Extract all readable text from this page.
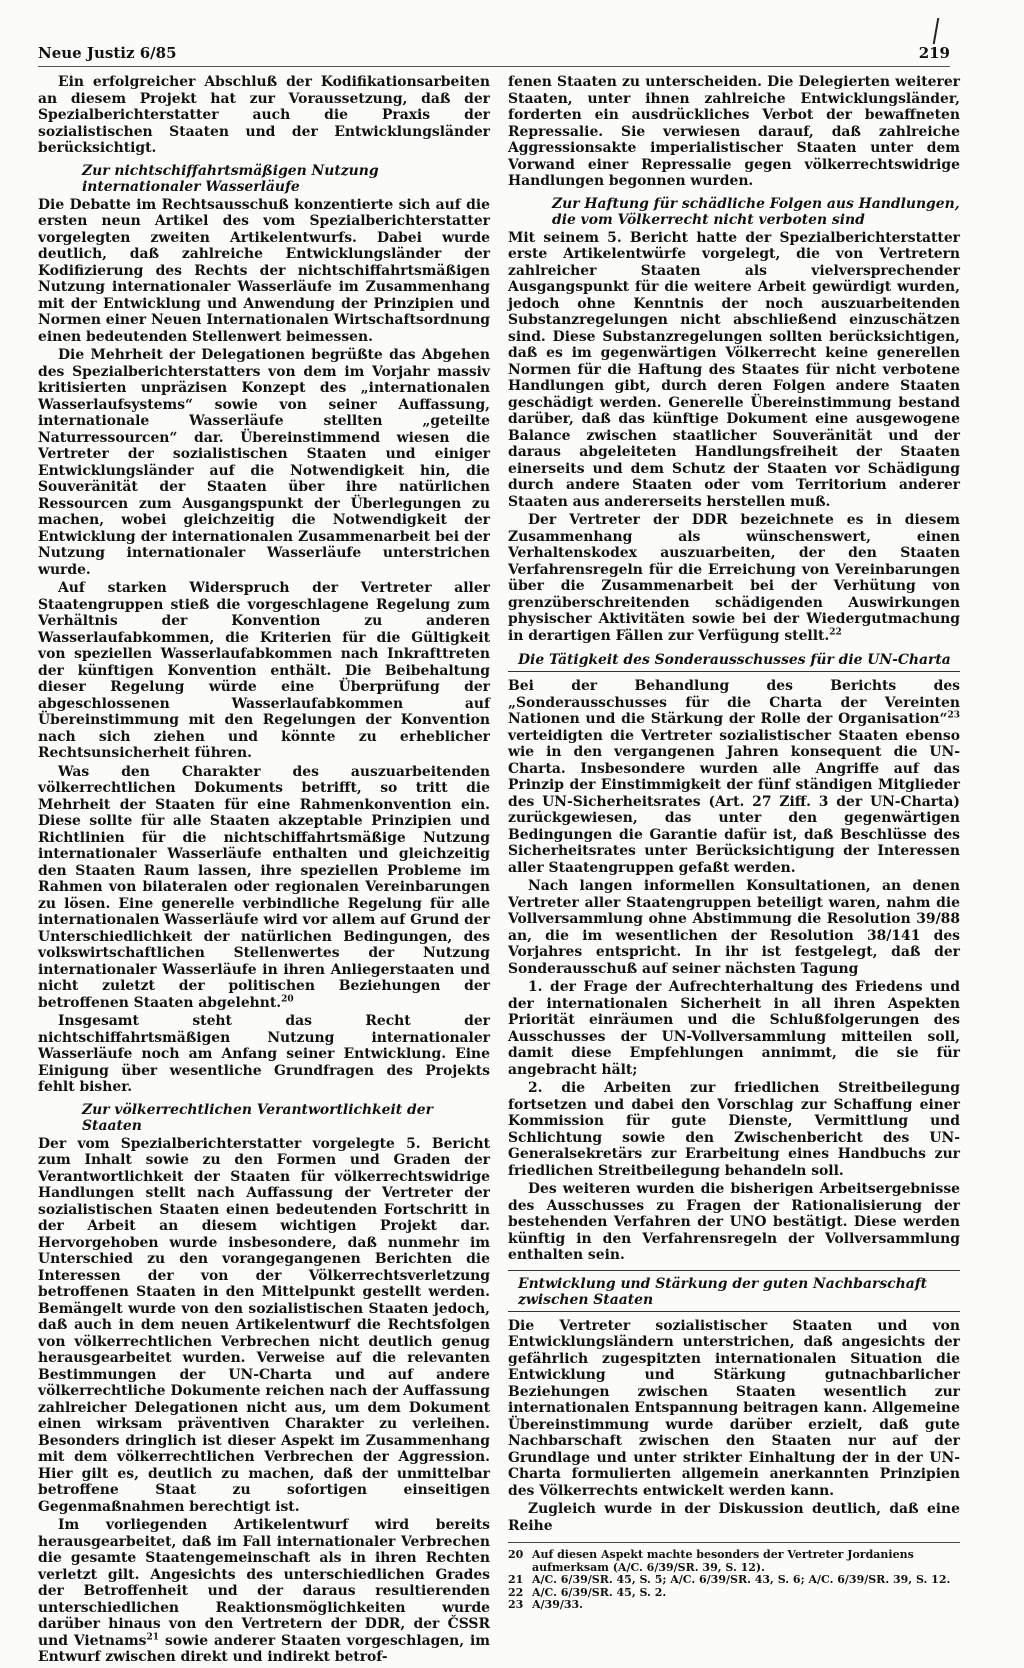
Neue Justiz 6/85	219

Ein erfolgreicher Abschluß der Kodifikationsarbeiten an diesem Projekt hat zur Voraussetzung, daß der Spezialberichterstatter auch die Praxis der sozialistischen Staaten und der Entwicklungsländer berücksichtigt.

Zur nichtschiffahrtsmäßigen Nutzung internationaler Wasserläufe

Die Debatte im Rechtsausschuß konzentierte sich auf die ersten neun Artikel des vom Spezialberichterstatter vorgelegten zweiten Artikelentwurfs. Dabei wurde deutlich, daß zahlreiche Entwicklungsländer der Kodifizierung des Rechts der nichtschiffahrtsmäßigen Nutzung internationaler Wasserläufe im Zusammenhang mit der Entwicklung und Anwendung der Prinzipien und Normen einer Neuen Internationalen Wirtschaftsordnung einen bedeutenden Stellenwert beimessen.

Die Mehrheit der Delegationen begrüßte das Abgehen des Spezialberichterstatters von dem im Vorjahr massiv kritisierten unpräzisen Konzept des „internationalen Wasserlaufsystems“ sowie von seiner Auffassung, internationale Wasserläufe stellten „geteilte Naturressourcen“ dar. Übereinstimmend wiesen die Vertreter der sozialistischen Staaten und einiger Entwicklungsländer auf die Notwendigkeit hin, die Souveränität der Staaten über ihre natürlichen Ressourcen zum Ausgangspunkt der Überlegungen zu machen, wobei gleichzeitig die Notwendigkeit der Entwicklung der internationalen Zusammenarbeit bei der Nutzung internationaler Wasserläufe unterstrichen wurde.

Auf starken Widerspruch der Vertreter aller Staatengruppen stieß die vorgeschlagene Regelung zum Verhältnis der Konvention zu anderen Wasserlaufabkommen, die Kriterien für die Gültigkeit von speziellen Wasserlaufabkommen nach Inkrafttreten der künftigen Konvention enthält. Die Beibehaltung dieser Regelung würde eine Überprüfung der abgeschlossenen Wasserlaufabkommen auf Übereinstimmung mit den Regelungen der Konvention nach sich ziehen und könnte zu erheblicher Rechtsunsicherheit führen.

Was den Charakter des auszuarbeitenden völkerrechtlichen Dokuments betrifft, so tritt die Mehrheit der Staaten für eine Rahmenkonvention ein. Diese sollte für alle Staaten akzeptable Prinzipien und Richtlinien für die nichtschiffahrtsmäßige Nutzung internationaler Wasserläufe enthalten und gleichzeitig den Staaten Raum lassen, ihre speziellen Probleme im Rahmen von bilateralen oder regionalen Vereinbarungen zu lösen. Eine generelle verbindliche Regelung für alle internationalen Wasserläufe wird vor allem auf Grund der Unterschiedlichkeit der natürlichen Bedingungen, des volkswirtschaftlichen Stellenwertes der Nutzung internationaler Wasserläufe in ihren Anliegerstaaten und nicht zuletzt der politischen Beziehungen der betroffenen Staaten abgelehnt.$^{20}$

Insgesamt steht das Recht der nichtschiffahrtsmäßigen Nutzung internationaler Wasserläufe noch am Anfang seiner Entwicklung. Eine Einigung über wesentliche Grundfragen des Projekts fehlt bisher.

Zur völkerrechtlichen Verantwortlichkeit der Staaten

Der vom Spezialberichterstatter vorgelegte 5. Bericht zum Inhalt sowie zu den Formen und Graden der Verantwortlichkeit der Staaten für völkerrechtswidrige Handlungen stellt nach Auffassung der Vertreter der sozialistischen Staaten einen bedeutenden Fortschritt in der Arbeit an diesem wichtigen Projekt dar. Hervorgehoben wurde insbesondere, daß nunmehr im Unterschied zu den vorangegangenen Berichten die Interessen der von der Völkerrechtsverletzung betroffenen Staaten in den Mittelpunkt gestellt werden. Bemängelt wurde von den sozialistischen Staaten jedoch, daß auch in dem neuen Artikelentwurf die Rechtsfolgen von völkerrechtlichen Verbrechen nicht deutlich genug herausgearbeitet wurden. Verweise auf die relevanten Bestimmungen der UN-Charta und auf andere völkerrechtliche Dokumente reichen nach der Auffassung zahlreicher Delegationen nicht aus, um dem Dokument einen wirksam präventiven Charakter zu verleihen. Besonders dringlich ist dieser Aspekt im Zusammenhang mit dem völkerrechtlichen Verbrechen der Aggression. Hier gilt es, deutlich zu machen, daß der unmittelbar betroffene Staat zu sofortigen einseitigen Gegenmaßnahmen berechtigt ist.

Im vorliegenden Artikelentwurf wird bereits herausgearbeitet, daß im Fall internationaler Verbrechen die gesamte Staatengemeinschaft als in ihren Rechten verletzt gilt. Angesichts des unterschiedlichen Grades der Betroffenheit und der daraus resultierenden unterschiedlichen Reaktionsmöglichkeiten wurde darüber hinaus von den Vertretern der DDR, der ČSSR und Vietnams$^{21}$ sowie anderer Staaten vorgeschlagen, im Entwurf zwischen direkt und indirekt betrof-

fenen Staaten zu unterscheiden. Die Delegierten weiterer Staaten, unter ihnen zahlreiche Entwicklungsländer, forderten ein ausdrückliches Verbot der bewaffneten Repressalie. Sie verwiesen darauf, daß zahlreiche Aggressionsakte imperialistischer Staaten unter dem Vorwand einer Repressalie gegen völkerrechtswidrige Handlungen begonnen wurden.

Zur Haftung für schädliche Folgen aus Handlungen, die vom Völkerrecht nicht verboten sind

Mit seinem 5. Bericht hatte der Spezialberichterstatter erste Artikelentwürfe vorgelegt, die von Vertretern zahlreicher Staaten als vielversprechender Ausgangspunkt für die weitere Arbeit gewürdigt wurden, jedoch ohne Kenntnis der noch auszuarbeitenden Substanzregelungen nicht abschließend einzuschätzen sind. Diese Substanzregelungen sollten berücksichtigen, daß es im gegenwärtigen Völkerrecht keine generellen Normen für die Haftung des Staates für nicht verbotene Handlungen gibt, durch deren Folgen andere Staaten geschädigt werden. Generelle Übereinstimmung bestand darüber, daß das künftige Dokument eine ausgewogene Balance zwischen staatlicher Souveränität und der daraus abgeleiteten Handlungsfreiheit der Staaten einerseits und dem Schutz der Staaten vor Schädigung durch andere Staaten oder vom Territorium anderer Staaten aus andererseits herstellen muß.

Der Vertreter der DDR bezeichnete es in diesem Zusammenhang als wünschenswert, einen Verhaltenskodex auszuarbeiten, der den Staaten Verfahrensregeln für die Erreichung von Vereinbarungen über die Zusammenarbeit bei der Verhütung von grenzüberschreitenden schädigenden Auswirkungen physischer Aktivitäten sowie bei der Wiedergutmachung in derartigen Fällen zur Verfügung stellt.$^{22}$

Die Tätigkeit des Sonderausschusses für die UN-Charta

Bei der Behandlung des Berichts des „Sonderausschusses für die Charta der Vereinten Nationen und die Stärkung der Rolle der Organisation“$^{23}$ verteidigten die Vertreter sozialistischer Staaten ebenso wie in den vergangenen Jahren konsequent die UN-Charta. Insbesondere wurden alle Angriffe auf das Prinzip der Einstimmigkeit der fünf ständigen Mitglieder des UN-Sicherheitsrates (Art. 27 Ziff. 3 der UN-Charta) zurückgewiesen, das unter den gegenwärtigen Bedingungen die Garantie dafür ist, daß Beschlüsse des Sicherheitsrates unter Berücksichtigung der Interessen aller Staatengruppen gefaßt werden.

Nach langen informellen Konsultationen, an denen Vertreter aller Staatengruppen beteiligt waren, nahm die Vollversammlung ohne Abstimmung die Resolution 39/88 an, die im wesentlichen der Resolution 38/141 des Vorjahres entspricht. In ihr ist festgelegt, daß der Sonderausschuß auf seiner nächsten Tagung

1. der Frage der Aufrechterhaltung des Friedens und der internationalen Sicherheit in all ihren Aspekten Priorität einräumen und die Schlußfolgerungen des Ausschusses der UN-Vollversammlung mitteilen soll, damit diese Empfehlungen annimmt, die sie für angebracht hält;

2. die Arbeiten zur friedlichen Streitbeilegung fortsetzen und dabei den Vorschlag zur Schaffung einer Kommission für gute Dienste, Vermittlung und Schlichtung sowie den Zwischenbericht des UN-Generalsekretärs zur Erarbeitung eines Handbuchs zur friedlichen Streitbeilegung behandeln soll.

Des weiteren wurden die bisherigen Arbeitsergebnisse des Ausschusses zu Fragen der Rationalisierung der bestehenden Verfahren der UNO bestätigt. Diese werden künftig in den Verfahrensregeln der Vollversammlung enthalten sein.

Entwicklung und Stärkung der guten Nachbarschaft zwischen Staaten

Die Vertreter sozialistischer Staaten und von Entwicklungsländern unterstrichen, daß angesichts der gefährlich zugespitzten internationalen Situation die Entwicklung und Stärkung gutnachbarlicher Beziehungen zwischen Staaten wesentlich zur internationalen Entspannung beitragen kann. Allgemeine Übereinstimmung wurde darüber erzielt, daß gute Nachbarschaft zwischen den Staaten nur auf der Grundlage und unter strikter Einhaltung der in der UN-Charta formulierten allgemein anerkannten Prinzipien des Völkerrechts entwickelt werden kann.

Zugleich wurde in der Diskussion deutlich, daß eine Reihe

20 Auf diesen Aspekt machte besonders der Vertreter Jordaniens aufmerksam (A/C. 6/39/SR. 39, S. 12).
21 A/C. 6/39/SR. 45, S. 5; A/C. 6/39/SR. 43, S. 6; A/C. 6/39/SR. 39, S. 12.
22 A/C. 6/39/SR. 45, S. 2.
23 A/39/33.
